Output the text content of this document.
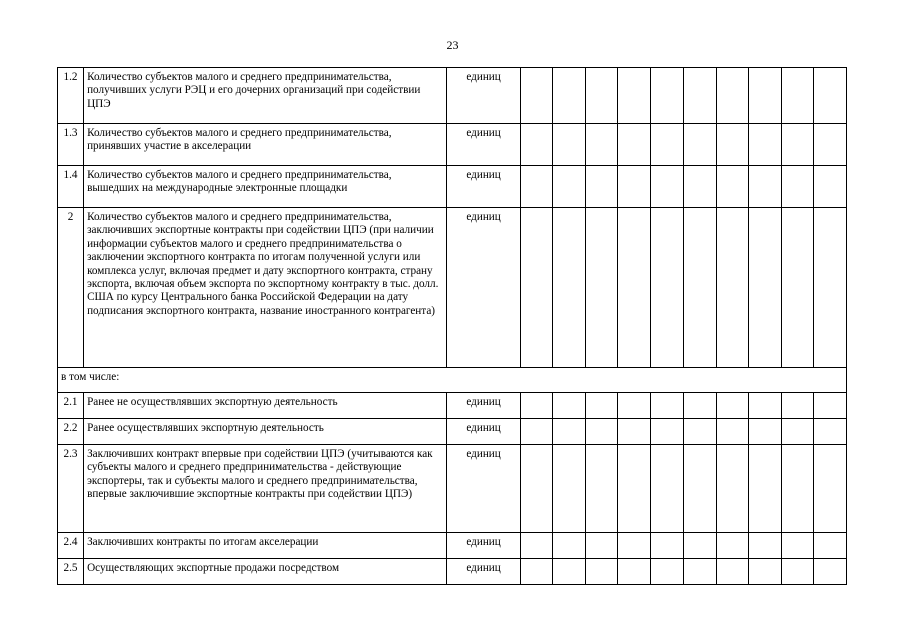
23
1.2	Количество субъектов малого и среднего предпринимательства, получивших услуги РЭЦ и его дочерних организаций при содействии ЦПЭ	единиц										
1.3	Количество субъектов малого и среднего предпринимательства, принявших участие в акселерации	единиц										
1.4	Количество субъектов малого и среднего предпринимательства, вышедших на международные электронные площадки	единиц										
2	Количество субъектов малого и среднего предпринимательства, заключивших экспортные контракты при содействии ЦПЭ (при наличии информации субъектов малого и среднего предпринимательства о заключении экспортного контракта по итогам полученной услуги или комплекса услуг, включая предмет и дату экспортного контракта, страну экспорта, включая объем экспорта по экспортному контракту в тыс. долл. США по курсу Центрального банка Российской Федерации на дату подписания экспортного контракта, название иностранного контрагента)	единиц										
в том числе:												
2.1	Ранее не осуществлявших экспортную деятельность	единиц										
2.2	Ранее осуществлявших экспортную деятельность	единиц										
2.3	Заключивших контракт впервые при содействии ЦПЭ (учитываются как субъекты малого и среднего предпринимательства - действующие экспортеры, так и субъекты малого и среднего предпринимательства, впервые заключившие экспортные контракты при содействии ЦПЭ)	единиц										
2.4	Заключивших контракты по итогам акселерации	единиц										
2.5	Осуществляющих экспортные продажи посредством	единиц										
